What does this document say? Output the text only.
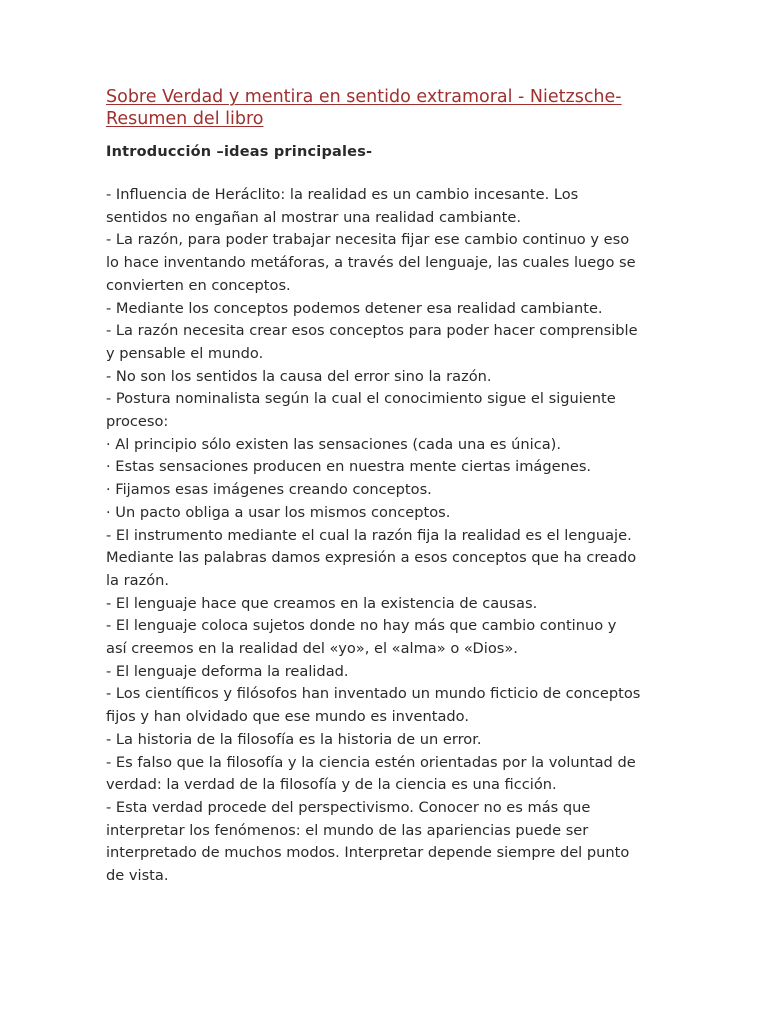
Sobre Verdad y mentira en sentido extramoral - Nietzsche-
Resumen del libro
Introducción –ideas principales-
- Influencia de Heráclito: la realidad es un cambio incesante. Los
sentidos no engañan al mostrar una realidad cambiante.
- La razón, para poder trabajar necesita fijar ese cambio continuo y eso
lo hace inventando metáforas, a través del lenguaje, las cuales luego se
convierten en conceptos.
- Mediante los conceptos podemos detener esa realidad cambiante.
- La razón necesita crear esos conceptos para poder hacer comprensible
y pensable el mundo.
- No son los sentidos la causa del error sino la razón.
- Postura nominalista según la cual el conocimiento sigue el siguiente
proceso:
· Al principio sólo existen las sensaciones (cada una es única).
· Estas sensaciones producen en nuestra mente ciertas imágenes.
· Fijamos esas imágenes creando conceptos.
· Un pacto obliga a usar los mismos conceptos.
- El instrumento mediante el cual la razón fija la realidad es el lenguaje.
Mediante las palabras damos expresión a esos conceptos que ha creado
la razón.
- El lenguaje hace que creamos en la existencia de causas.
- El lenguaje coloca sujetos donde no hay más que cambio continuo y
así creemos en la realidad del «yo», el «alma» o «Dios».
- El lenguaje deforma la realidad.
- Los científicos y filósofos han inventado un mundo ficticio de conceptos
fijos y han olvidado que ese mundo es inventado.
- La historia de la filosofía es la historia de un error.
- Es falso que la filosofía y la ciencia estén orientadas por la voluntad de
verdad: la verdad de la filosofía y de la ciencia es una ficción.
- Esta verdad procede del perspectivismo. Conocer no es más que
interpretar los fenómenos: el mundo de las apariencias puede ser
interpretado de muchos modos. Interpretar depende siempre del punto
de vista.
